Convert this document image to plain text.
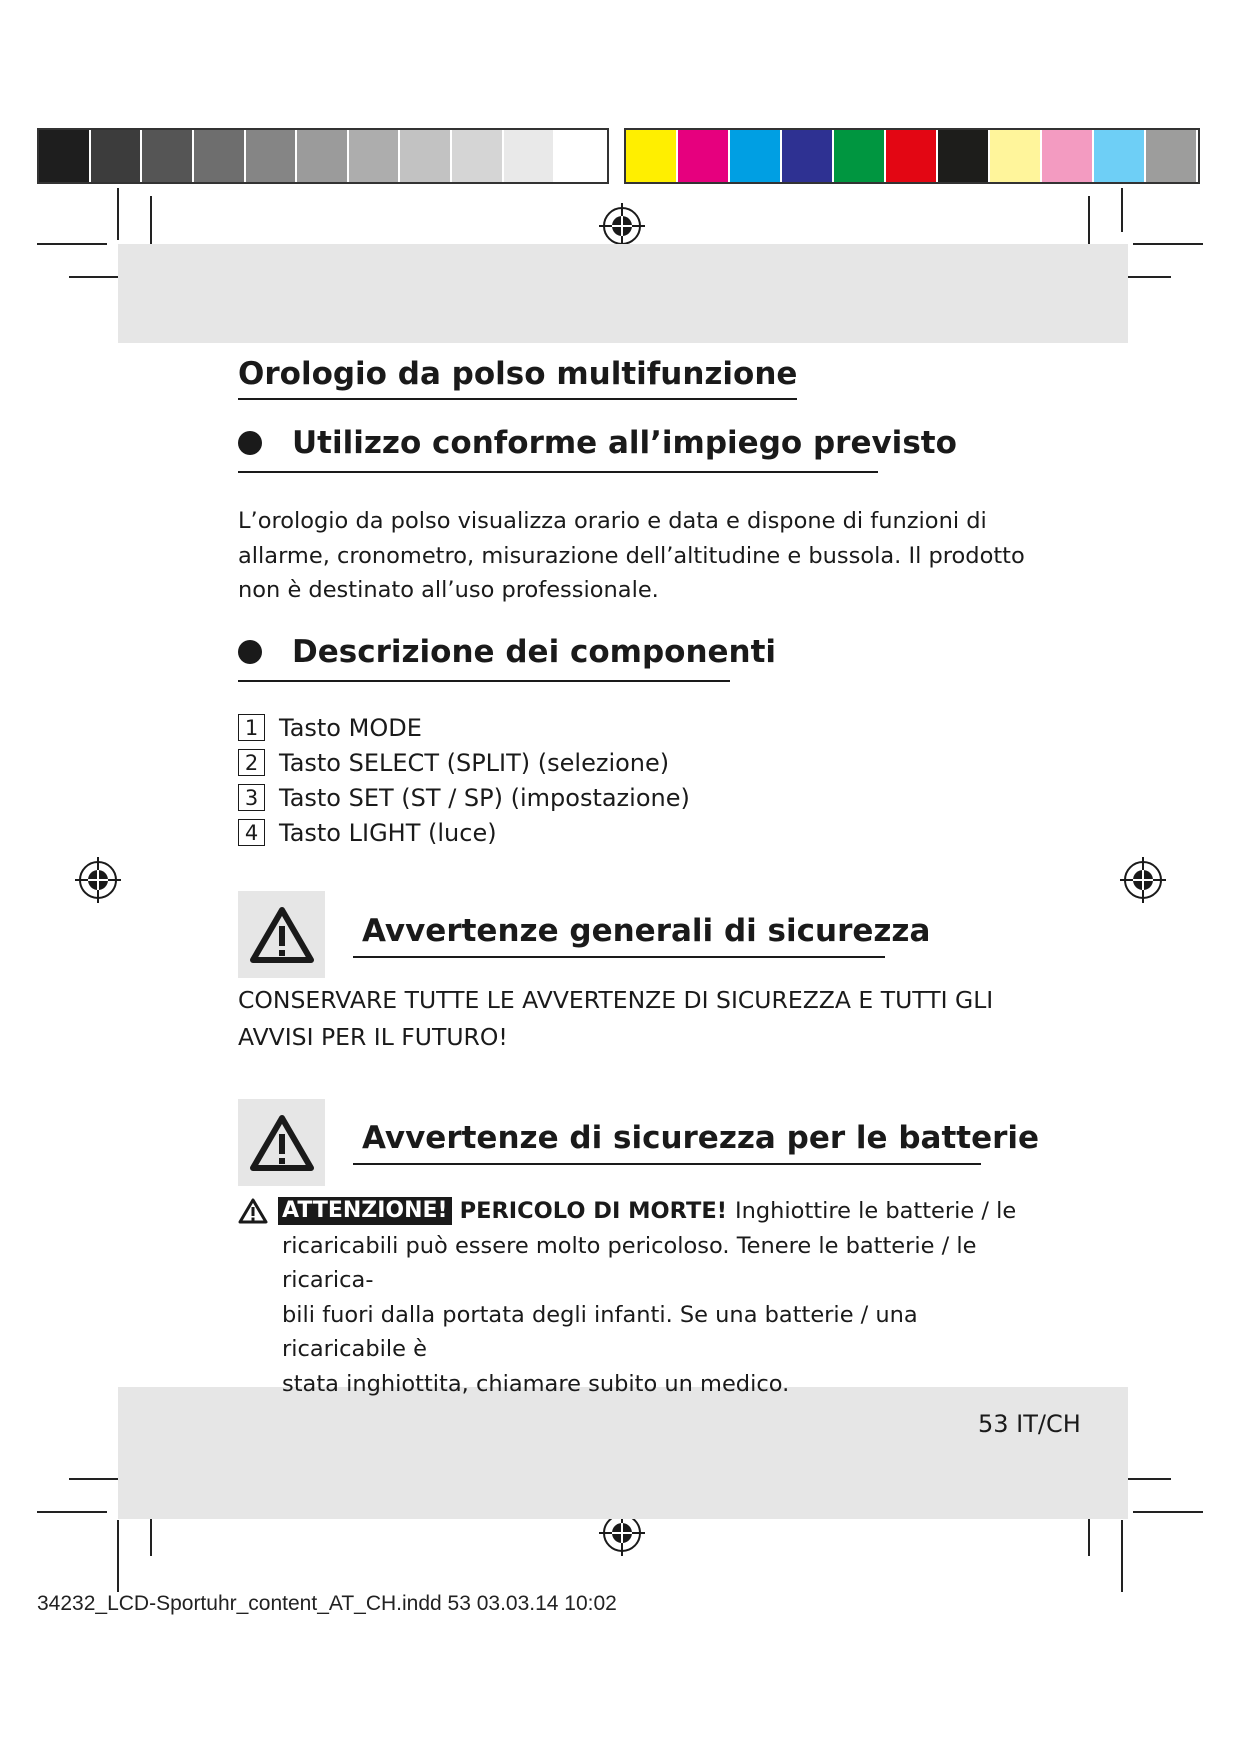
Orologio da polso multifunzione
Utilizzo conforme all’impiego previsto

L’orologio da polso visualizza orario e data e dispone di funzioni di
allarme, cronometro, misurazione dell’altitudine e bussola. Il prodotto
non è destinato all’uso professionale.

Descrizione dei componenti
1 Tasto MODE
2 Tasto SELECT (SPLIT) (selezione)
3 Tasto SET (ST / SP) (impostazione)
4 Tasto LIGHT (luce)
Avvertenze generali di sicurezza

CONSERVARE TUTTE LE AVVERTENZE DI SICUREZZA E TUTTI GLI
AVVISI PER IL FUTURO!

Avvertenze di sicurezza per le batterie
ATTENZIONE! PERICOLO DI MORTE! Inghiottire le batterie / le
ricaricabili può essere molto pericoloso. Tenere le batterie / le ricarica-
bili fuori dalla portata degli infanti. Se una batterie / una ricaricabile è
stata inghiottita, chiamare subito un medico.
53 IT/CH
34232_LCD-Sportuhr_content_AT_CH.indd 53 03.03.14 10:02
